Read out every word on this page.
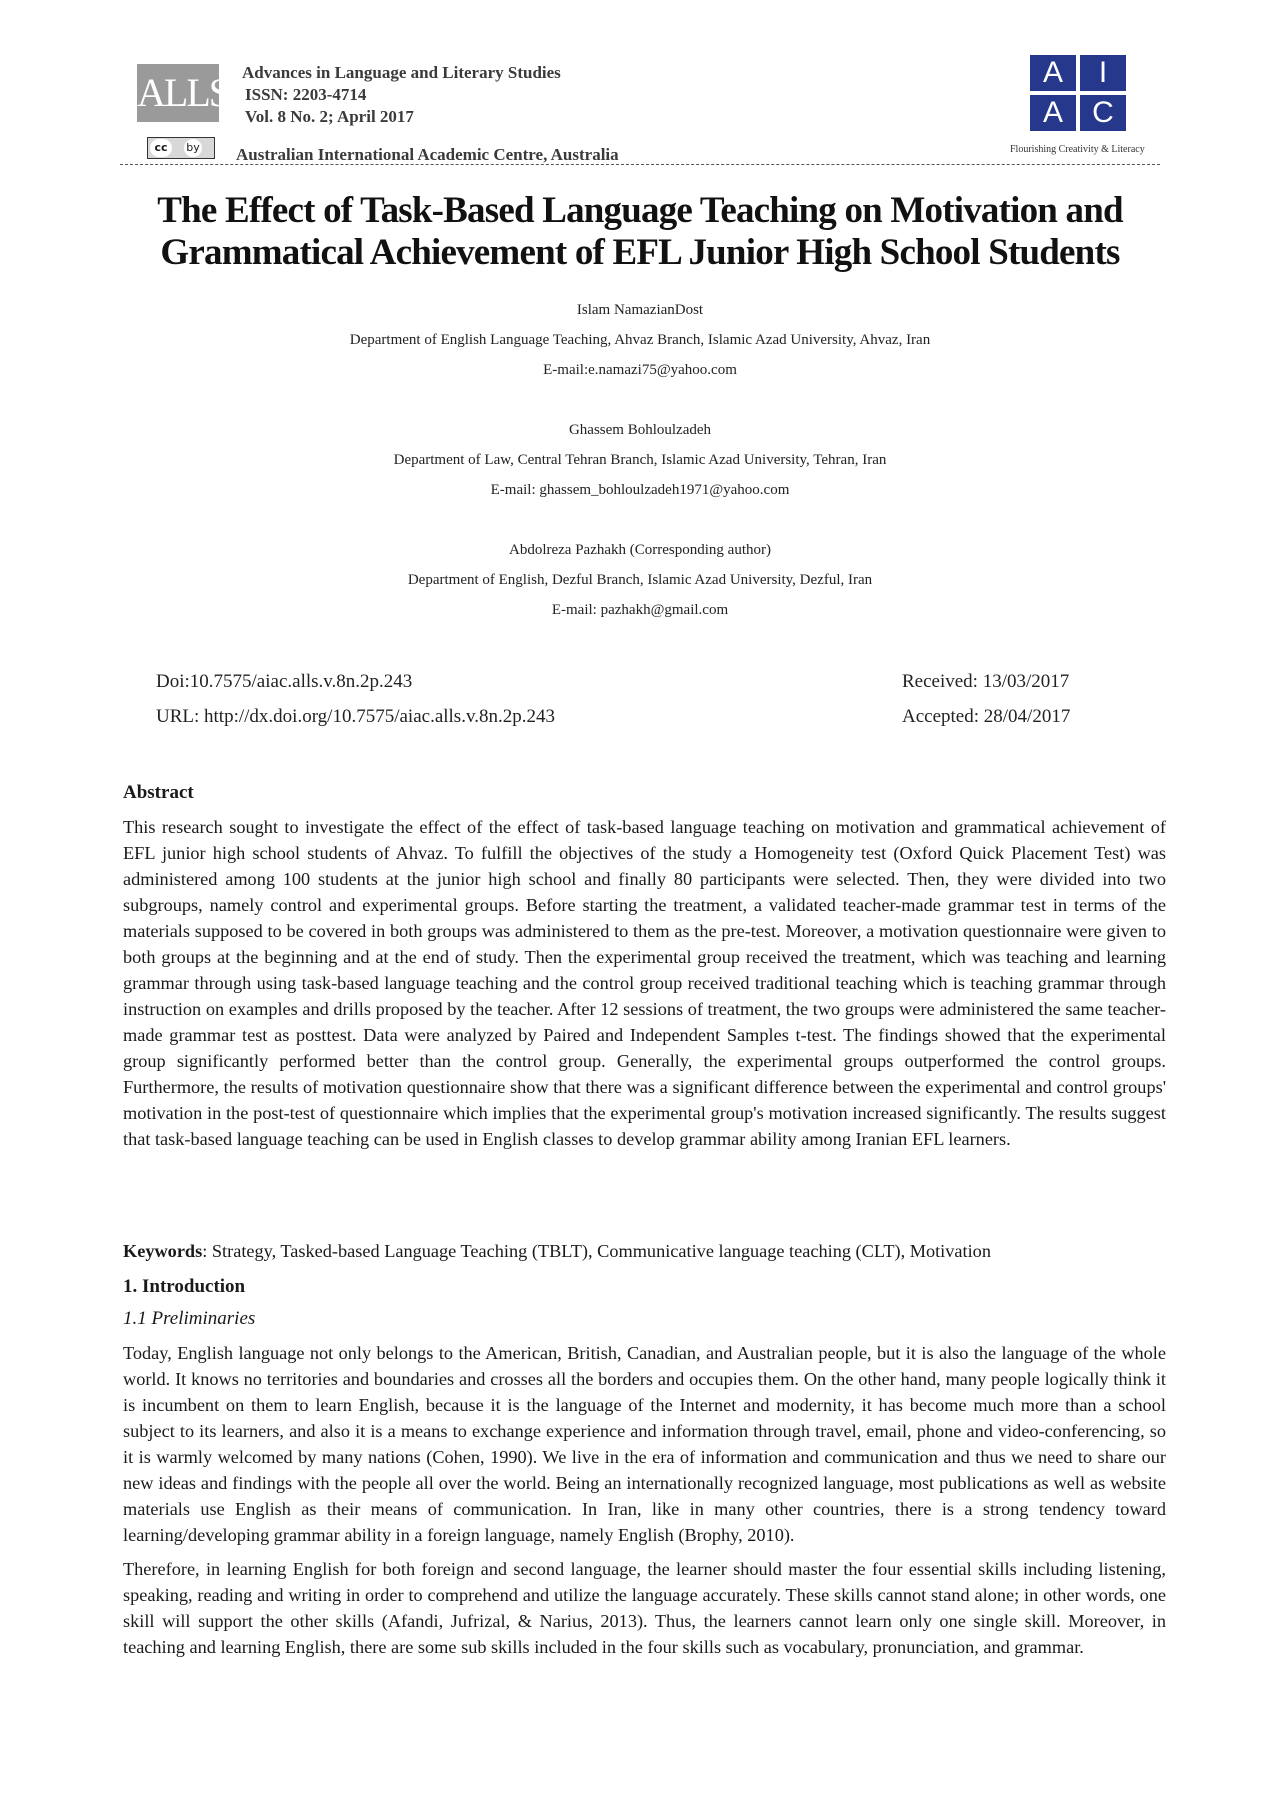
ALLS
cc by
Advances in Language and Literary Studies
ISSN: 2203-4714
Vol. 8 No. 2; April 2017
Australian International Academic Centre, Australia
A	I
A C
Flourishing Creativity & Literacy
The Effect of Task-Based Language Teaching on Motivation and
Grammatical Achievement of EFL Junior High School Students
Islam NamazianDost
Department of English Language Teaching, Ahvaz Branch, Islamic Azad University, Ahvaz, Iran
E-mail:e.namazi75@yahoo.com
Ghassem Bohloulzadeh
Department of Law, Central Tehran Branch, Islamic Azad University, Tehran, Iran
E-mail: ghassem_bohloulzadeh1971@yahoo.com
Abdolreza Pazhakh (Corresponding author)
Department of English, Dezful Branch, Islamic Azad University, Dezful, Iran
E-mail: pazhakh@gmail.com
Doi:10.7575/aiac.alls.v.8n.2p.243
URL: http://dx.doi.org/10.7575/aiac.alls.v.8n.2p.243
Received: 13/03/2017
Accepted: 28/04/2017

Abstract

This research sought to investigate the effect of the effect of task-based language teaching on motivation and grammatical achievement of EFL junior high school students of Ahvaz. To fulfill the objectives of the study a Homogeneity test (Oxford Quick Placement Test) was administered among 100 students at the junior high school and finally 80 participants were selected. Then, they were divided into two subgroups, namely control and experimental groups. Before starting the treatment, a validated teacher-made grammar test in terms of the materials supposed to be covered in both groups was administered to them as the pre-test. Moreover, a motivation questionnaire were given to both groups at the beginning and at the end of study. Then the experimental group received the treatment, which was teaching and learning grammar through using task-based language teaching and the control group received traditional teaching which is teaching grammar through instruction on examples and drills proposed by the teacher. After 12 sessions of treatment, the two groups were administered the same teacher-made grammar test as posttest. Data were analyzed by Paired and Independent Samples t-test. The findings showed that the experimental group significantly performed better than the control group. Generally, the experimental groups outperformed the control groups. Furthermore, the results of motivation questionnaire show that there was a significant difference between the experimental and control groups' motivation in the post-test of questionnaire which implies that the experimental group's motivation increased significantly. The results suggest that task-based language teaching can be used in English classes to develop grammar ability among Iranian EFL learners.

Keywords: Strategy, Tasked-based Language Teaching (TBLT), Communicative language teaching (CLT), Motivation

1. Introduction

1.1 Preliminaries

Today, English language not only belongs to the American, British, Canadian, and Australian people, but it is also the language of the whole world. It knows no territories and boundaries and crosses all the borders and occupies them. On the other hand, many people logically think it is incumbent on them to learn English, because it is the language of the Internet and modernity, it has become much more than a school subject to its learners, and also it is a means to exchange experience and information through travel, email, phone and video-conferencing, so it is warmly welcomed by many nations (Cohen, 1990). We live in the era of information and communication and thus we need to share our new ideas and findings with the people all over the world. Being an internationally recognized language, most publications as well as website materials use English as their means of communication. In Iran, like in many other countries, there is a strong tendency toward learning/developing grammar ability in a foreign language, namely English (Brophy, 2010).

Therefore, in learning English for both foreign and second language, the learner should master the four essential skills including listening, speaking, reading and writing in order to comprehend and utilize the language accurately. These skills cannot stand alone; in other words, one skill will support the other skills (Afandi, Jufrizal, & Narius, 2013). Thus, the learners cannot learn only one single skill. Moreover, in teaching and learning English, there are some sub skills included in the four skills such as vocabulary, pronunciation, and grammar.
